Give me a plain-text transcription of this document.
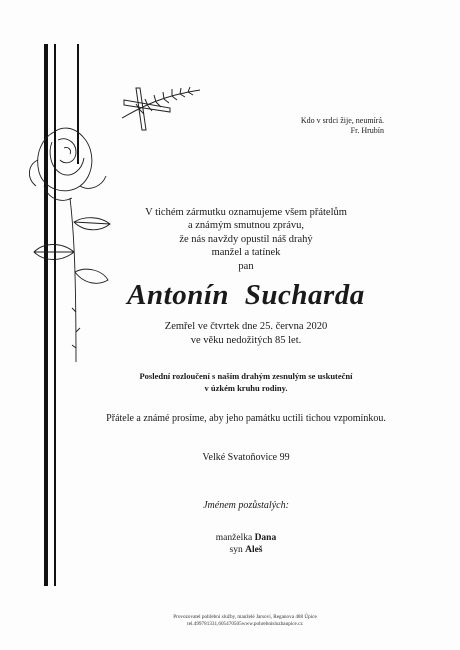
Kdo v srdci žije, neumírá.
Fr. Hrubín
V tichém zármutku oznamujeme všem přátelům
a známým smutnou zprávu,
že nás navždy opustil náš drahý
manžel a tatínek
pan
Antonín Sucharda
Zemřel ve čtvrtek dne 25. června 2020
ve věku nedožitých 85 let.
Poslední rozloučení s naším drahým zesnulým se uskuteční
v úzkém kruhu rodiny.
Přátele a známé prosíme, aby jeho památku uctili tichou vzpomínkou.
Velké Svatoňovice 99
Jménem pozůstalých:
manželka Dana
syn Aleš
Provozovatel pohřební služby, manželé Jarsoví, Reganova 488 Úpice
tel.499781331,605470505www.pohrebnisluzbaupice.cz
